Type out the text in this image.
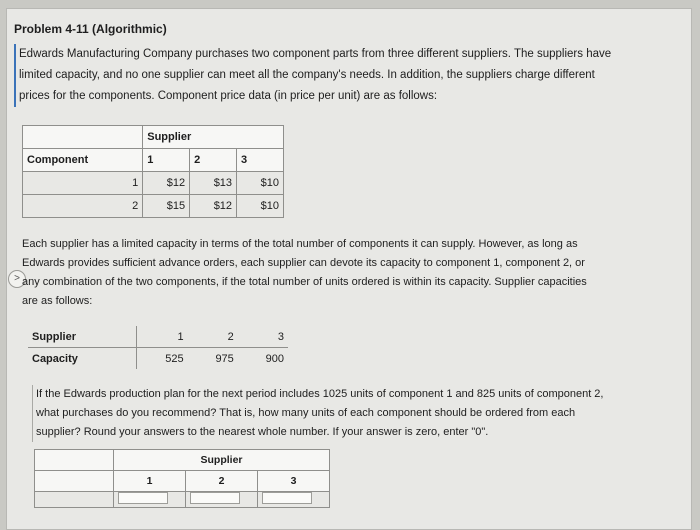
Problem 4-11 (Algorithmic)

Edwards Manufacturing Company purchases two component parts from three different suppliers. The suppliers have

limited capacity, and no one supplier can meet all the company's needs. In addition, the suppliers charge different

prices for the components. Component price data (in price per unit) are as follows:

	Supplier		
Component	1	2	3
1	$12	$13	$10
2	$15	$12	$10
>

Each supplier has a limited capacity in terms of the total number of components it can supply. However, as long as

Edwards provides sufficient advance orders, each supplier can devote its capacity to component 1, component 2, or

any combination of the two components, if the total number of units ordered is within its capacity. Supplier capacities

are as follows:

Supplier	1	2	3
Capacity	525	975	900

If the Edwards production plan for the next period includes 1025 units of component 1 and 825 units of component 2,

what purchases do you recommend? That is, how many units of each component should be ordered from each

supplier? Round your answers to the nearest whole number. If your answer is zero, enter "0".

	Supplier		
	1	2	3
